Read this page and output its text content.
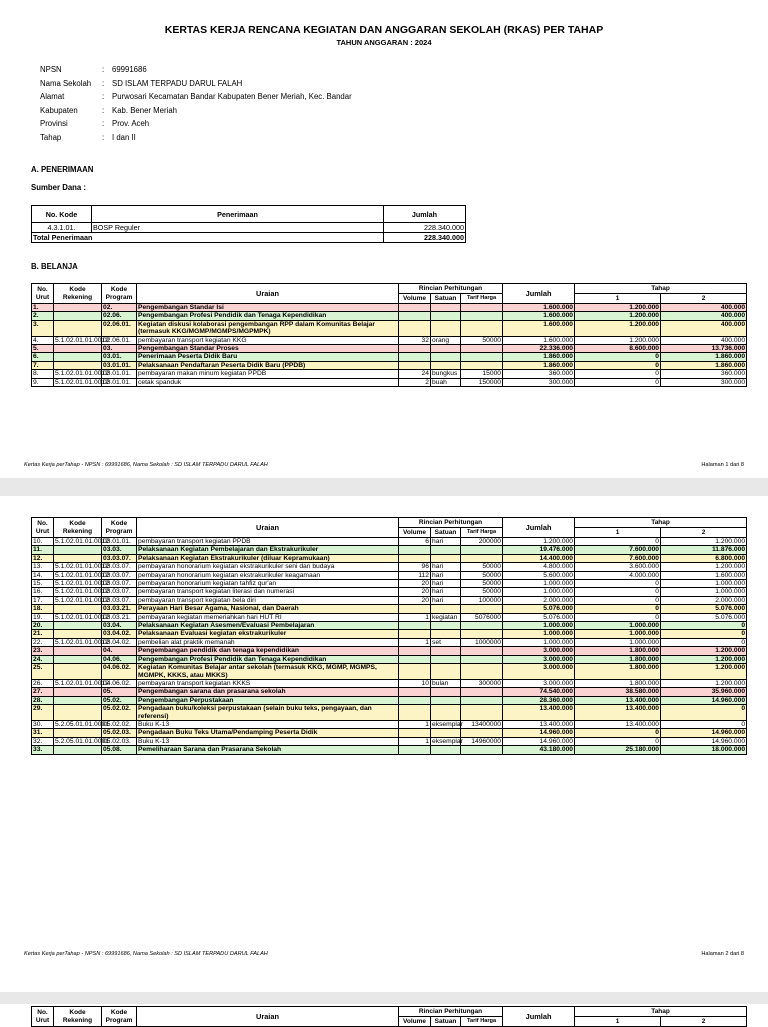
KERTAS KERJA RENCANA KEGIATAN DAN ANGGARAN SEKOLAH (RKAS) PER TAHAP
TAHUN ANGGARAN : 2024
NPSN	:	69991686
Nama Sekolah	:	SD ISLAM TERPADU DARUL FALAH
Alamat	:	Purwosari Kecamatan Bandar Kabupaten Bener Meriah, Kec. Bandar
Kabupaten	:	Kab. Bener Meriah
Provinsi	:	Prov. Aceh
Tahap	:	I dan II
A. PENERIMAAN
Sumber Dana :
No. Kode	Penerimaan	Jumlah
4.3.1.01.	BOSP Reguler	228.340.000
Total Penerimaan		228.340.000
B. BELANJA
No. Urut	Kode Rekening	Kode Program	Uraian	Rincian Perhitungan			Jumlah	Tahap	
				Volume	Satuan	Tarif Harga		1	2
1.		02.	Pengembangan Standar Isi				1.600.000	1.200.000	400.000
2.		02.06.	Pengembangan Profesi Pendidik dan Tenaga Kependidikan				1.600.000	1.200.000	400.000
3.		02.06.01.	Kegiatan diskusi kolaborasi pengembangan RPP dalam Komunitas Belajar (termasuk KKG/MGMP/MGMPS/MGPMPK)				1.600.000	1.200.000	400.000
4.	5.1.02.01.01.0012	02.06.01.	pembayaran transport kegiatan KKG	32	orang	50000	1.600.000	1.200.000	400.000
5.		03.	Pengembangan Standar Proses				22.336.000	8.600.000	13.736.000
6.		03.01.	Penerimaan Peserta Didik Baru				1.860.000	0	1.860.000
7.		03.01.01.	Pelaksanaan Pendaftaran Peserta Didik Baru (PPDB)				1.860.000	0	1.860.000
8.	5.1.02.01.01.0012	03.01.01.	pembayaran makan minum kegiatan PPDB	24	bungkus	15000	360.000	0	360.000
9.	5.1.02.01.01.0012	03.01.01.	cetak spanduk	2	buah	150000	300.000	0	300.000
Kertas Kerja perTahap - NPSN : 69991686, Nama Sekolah : SD ISLAM TERPADU DARUL FALAH	Halaman 1 dari 8
No. Urut	Kode Rekening	Kode Program	Uraian	Rincian Perhitungan			Jumlah	Tahap	
				Volume	Satuan	Tarif Harga		1	2
10.	5.1.02.01.01.0012	03.01.01.	pembayaran transport kegiatan PPDB	6	hari	200000	1.200.000	0	1.200.000
11.		03.03.	Pelaksanaan Kegiatan Pembelajaran dan Ekstrakurikuler				19.476.000	7.600.000	11.876.000
12.		03.03.07.	Pelaksanaan Kegiatan Ekstrakurikuler (diluar Kepramukaan)				14.400.000	7.600.000	6.800.000
13.	5.1.02.01.01.0012	03.03.07.	pembayaran honorarium kegiatan ekstrakurikuler seni dan budaya	96	hari	50000	4.800.000	3.600.000	1.200.000
14.	5.1.02.01.01.0012	03.03.07.	pembayaran honorarium kegiatan ekstrakurikuler keagamaan	112	hari	50000	5.600.000	4.000.000	1.600.000
15.	5.1.02.01.01.0012	03.03.07.	pembayaran honorarium kegiatan tahfiz qur'an	20	hari	50000	1.000.000	0	1.000.000
16.	5.1.02.01.01.0012	03.03.07.	pembayaran transport kegiatan literasi dan numerasi	20	hari	50000	1.000.000	0	1.000.000
17.	5.1.02.01.01.0012	03.03.07.	pembayaran transport kegiatan bela diri	20	hari	100000	2.000.000	0	2.000.000
18.		03.03.21.	Perayaan Hari Besar Agama, Nasional, dan Daerah				5.076.000	0	5.076.000
19.	5.1.02.01.01.0012	03.03.21.	pembayaran kegiatan memeriahkan hari HUT RI	1	kegiatan	5076000	5.076.000	0	5.076.000
20.		03.04.	Pelaksanaan Kegiatan Asesmen/Evaluasi Pembelajaran				1.000.000	1.000.000	0
21.		03.04.02.	Pelaksanaan Evaluasi kegiatan ekstrakurikuler				1.000.000	1.000.000	0
22.	5.1.02.01.01.0012	03.04.02.	pembelian alat praktik memanah	1	set	1000000	1.000.000	1.000.000	0
23.		04.	Pengembangan pendidik dan tenaga kependidikan				3.000.000	1.800.000	1.200.000
24.		04.06.	Pengembangan Profesi Pendidik dan Tenaga Kependidikan				3.000.000	1.800.000	1.200.000
25.		04.06.02.	Kegiatan Komunitas Belajar antar sekolah (termasuk KKG, MGMP, MGMPS, MGMPK, KKKS, atau MKKS)				3.000.000	1.800.000	1.200.000
26.	5.1.02.01.01.0012	04.06.02.	pembayaran transport kegiatan KKKS	10	bulan	300000	3.000.000	1.800.000	1.200.000
27.		05.	Pengembangan sarana dan prasarana sekolah				74.540.000	38.580.000	35.960.000
28.		05.02.	Pengembangan Perpustakaan				28.360.000	13.400.000	14.960.000
29.		05.02.02.	Pengadaan buku/koleksi perpustakaan (selain buku teks, pengayaan, dan referensi)				13.400.000	13.400.000	0
30.	5.2.05.01.01.0001	05.02.02.	Buku K-13	1	eksemplar	13400000	13.400.000	13.400.000	0
31.		05.02.03.	Pengadaan Buku Teks Utama/Pendamping Peserta Didik				14.960.000	0	14.960.000
32.	5.2.05.01.01.0001	05.02.03.	Buku K-13	1	eksemplar	14960000	14.960.000	0	14.960.000
33.		05.08.	Pemeliharaan Sarana dan Prasarana Sekolah				43.180.000	25.180.000	18.000.000
Kertas Kerja perTahap - NPSN : 69991686, Nama Sekolah : SD ISLAM TERPADU DARUL FALAH	Halaman 2 dari 8
No. Urut	Kode Rekening	Kode Program	Uraian	Rincian Perhitungan			Jumlah	Tahap	
				Volume	Satuan	Tarif Harga		1	2
